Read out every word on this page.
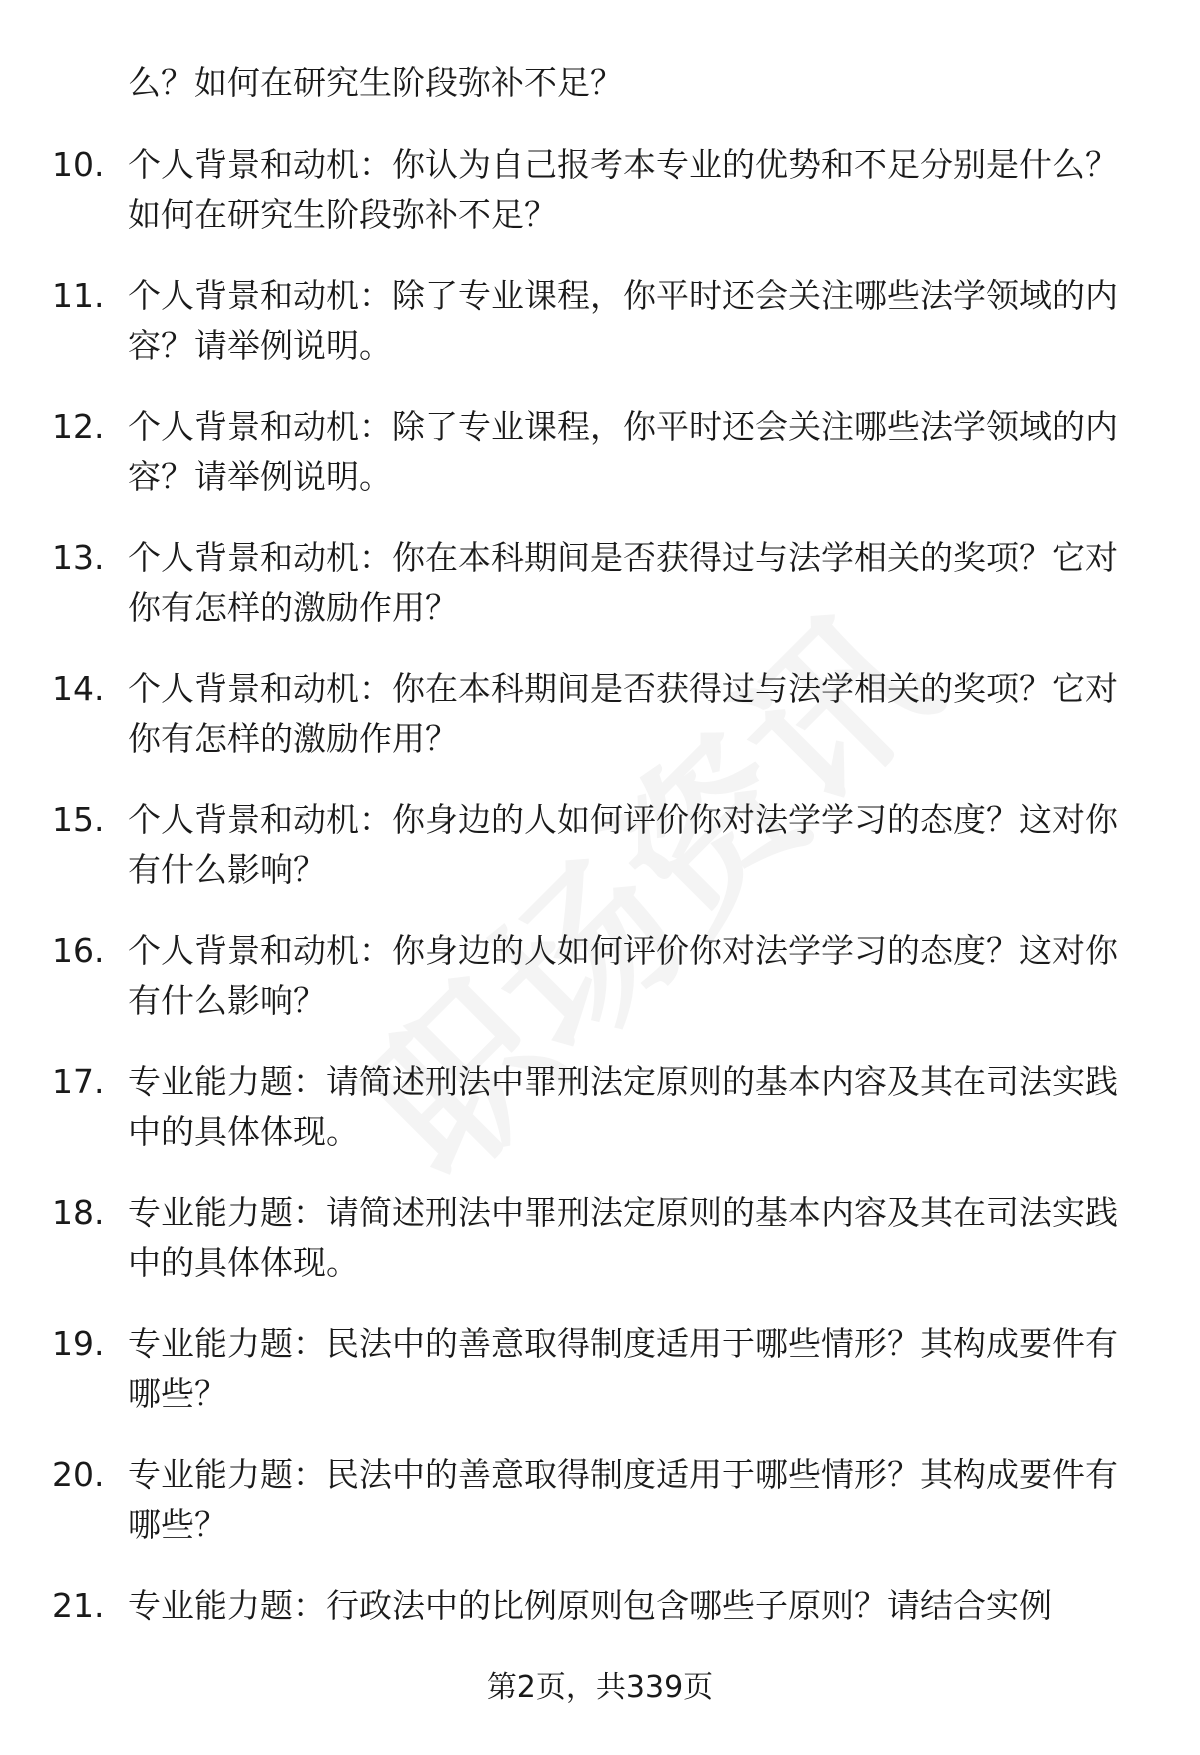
么？如何在研究生阶段弥补不足？
10. 个人背景和动机：你认为自己报考本专业的优势和不足分别是什么？如何在研究生阶段弥补不足？
11. 个人背景和动机：除了专业课程，你平时还会关注哪些法学领域的内容？请举例说明。
12. 个人背景和动机：除了专业课程，你平时还会关注哪些法学领域的内容？请举例说明。
13. 个人背景和动机：你在本科期间是否获得过与法学相关的奖项？它对你有怎样的激励作用？
14. 个人背景和动机：你在本科期间是否获得过与法学相关的奖项？它对你有怎样的激励作用？
15. 个人背景和动机：你身边的人如何评价你对法学学习的态度？这对你有什么影响？
16. 个人背景和动机：你身边的人如何评价你对法学学习的态度？这对你有什么影响？
17. 专业能力题：请简述刑法中罪刑法定原则的基本内容及其在司法实践中的具体体现。
18. 专业能力题：请简述刑法中罪刑法定原则的基本内容及其在司法实践中的具体体现。
19. 专业能力题：民法中的善意取得制度适用于哪些情形？其构成要件有哪些？
20. 专业能力题：民法中的善意取得制度适用于哪些情形？其构成要件有哪些？
21. 专业能力题：行政法中的比例原则包含哪些子原则？请结合实例
第2页，共339页
